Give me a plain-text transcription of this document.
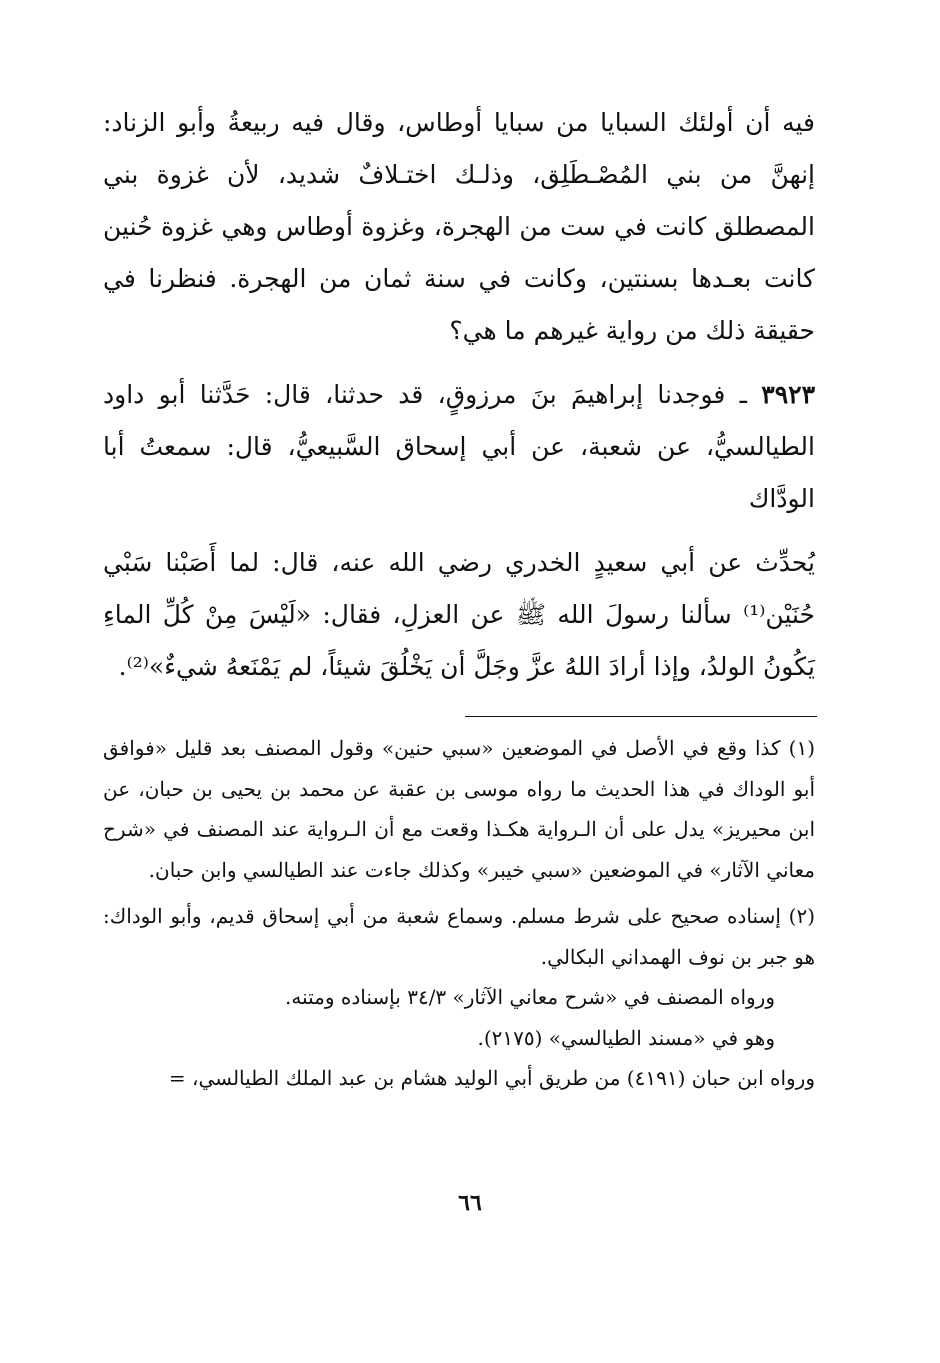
فيه أن أولئك السبايا من سبايا أوطاس، وقال فيه ربيعةُ وأبو الزناد: إنهنَّ من بني المُصْـطَلِق، وذلـك اختـلافٌ شديد، لأن غزوة بني المصطلق كانت في ست من الهجرة، وغزوة أوطاس وهي غزوة حُنين كانت بعـدها بسنتين، وكانت في سنة ثمان من الهجرة. فنظرنا في حقيقة ذلك من رواية غيرهم ما هي؟

٣٩٢٣ ـ فوجدنا إبراهيمَ بنَ مرزوقٍ، قد حدثنا، قال: حَدَّثنا أبو داود الطيالسيُّ، عن شعبة، عن أبي إسحاق السَّبيعيُّ، قال: سمعتُ أبا الودَّاك

يُحدِّث عن أبي سعيدٍ الخدري رضي الله عنه، قال: لما أَصَبْنا سَبْي حُنَيْن⁽¹⁾ سألنا رسولَ الله ﷺ عن العزلِ، فقال: «لَيْسَ مِنْ كُلِّ الماءِ يَكُونُ الولدُ، وإذا أرادَ اللهُ عزَّ وجَلَّ أن يَخْلُقَ شيئاً، لم يَمْنَعهُ شيءٌ»⁽²⁾.

(١) كذا وقع في الأصل في الموضعين «سبي حنين» وقول المصنف بعد قليل «فوافق أبو الوداك في هذا الحديث ما رواه موسى بن عقبة عن محمد بن يحيى بن حبان، عن ابن محيريز» يدل على أن الـرواية هكـذا وقعت مع أن الـرواية عند المصنف في «شرح معاني الآثار» في الموضعين «سبي خيبر» وكذلك جاءت عند الطيالسي وابن حبان.

(٢) إسناده صحيح على شرط مسلم. وسماع شعبة من أبي إسحاق قديم، وأبو الوداك: هو جبر بن نوف الهمداني البكالي.

ورواه المصنف في «شرح معاني الآثار» ٣٤/٣ بإسناده ومتنه.

وهو في «مسند الطيالسي» (٢١٧٥).

ورواه ابن حبان (٤١٩١) من طريق أبي الوليد هشام بن عبد الملك الطيالسي، =

٦٦
